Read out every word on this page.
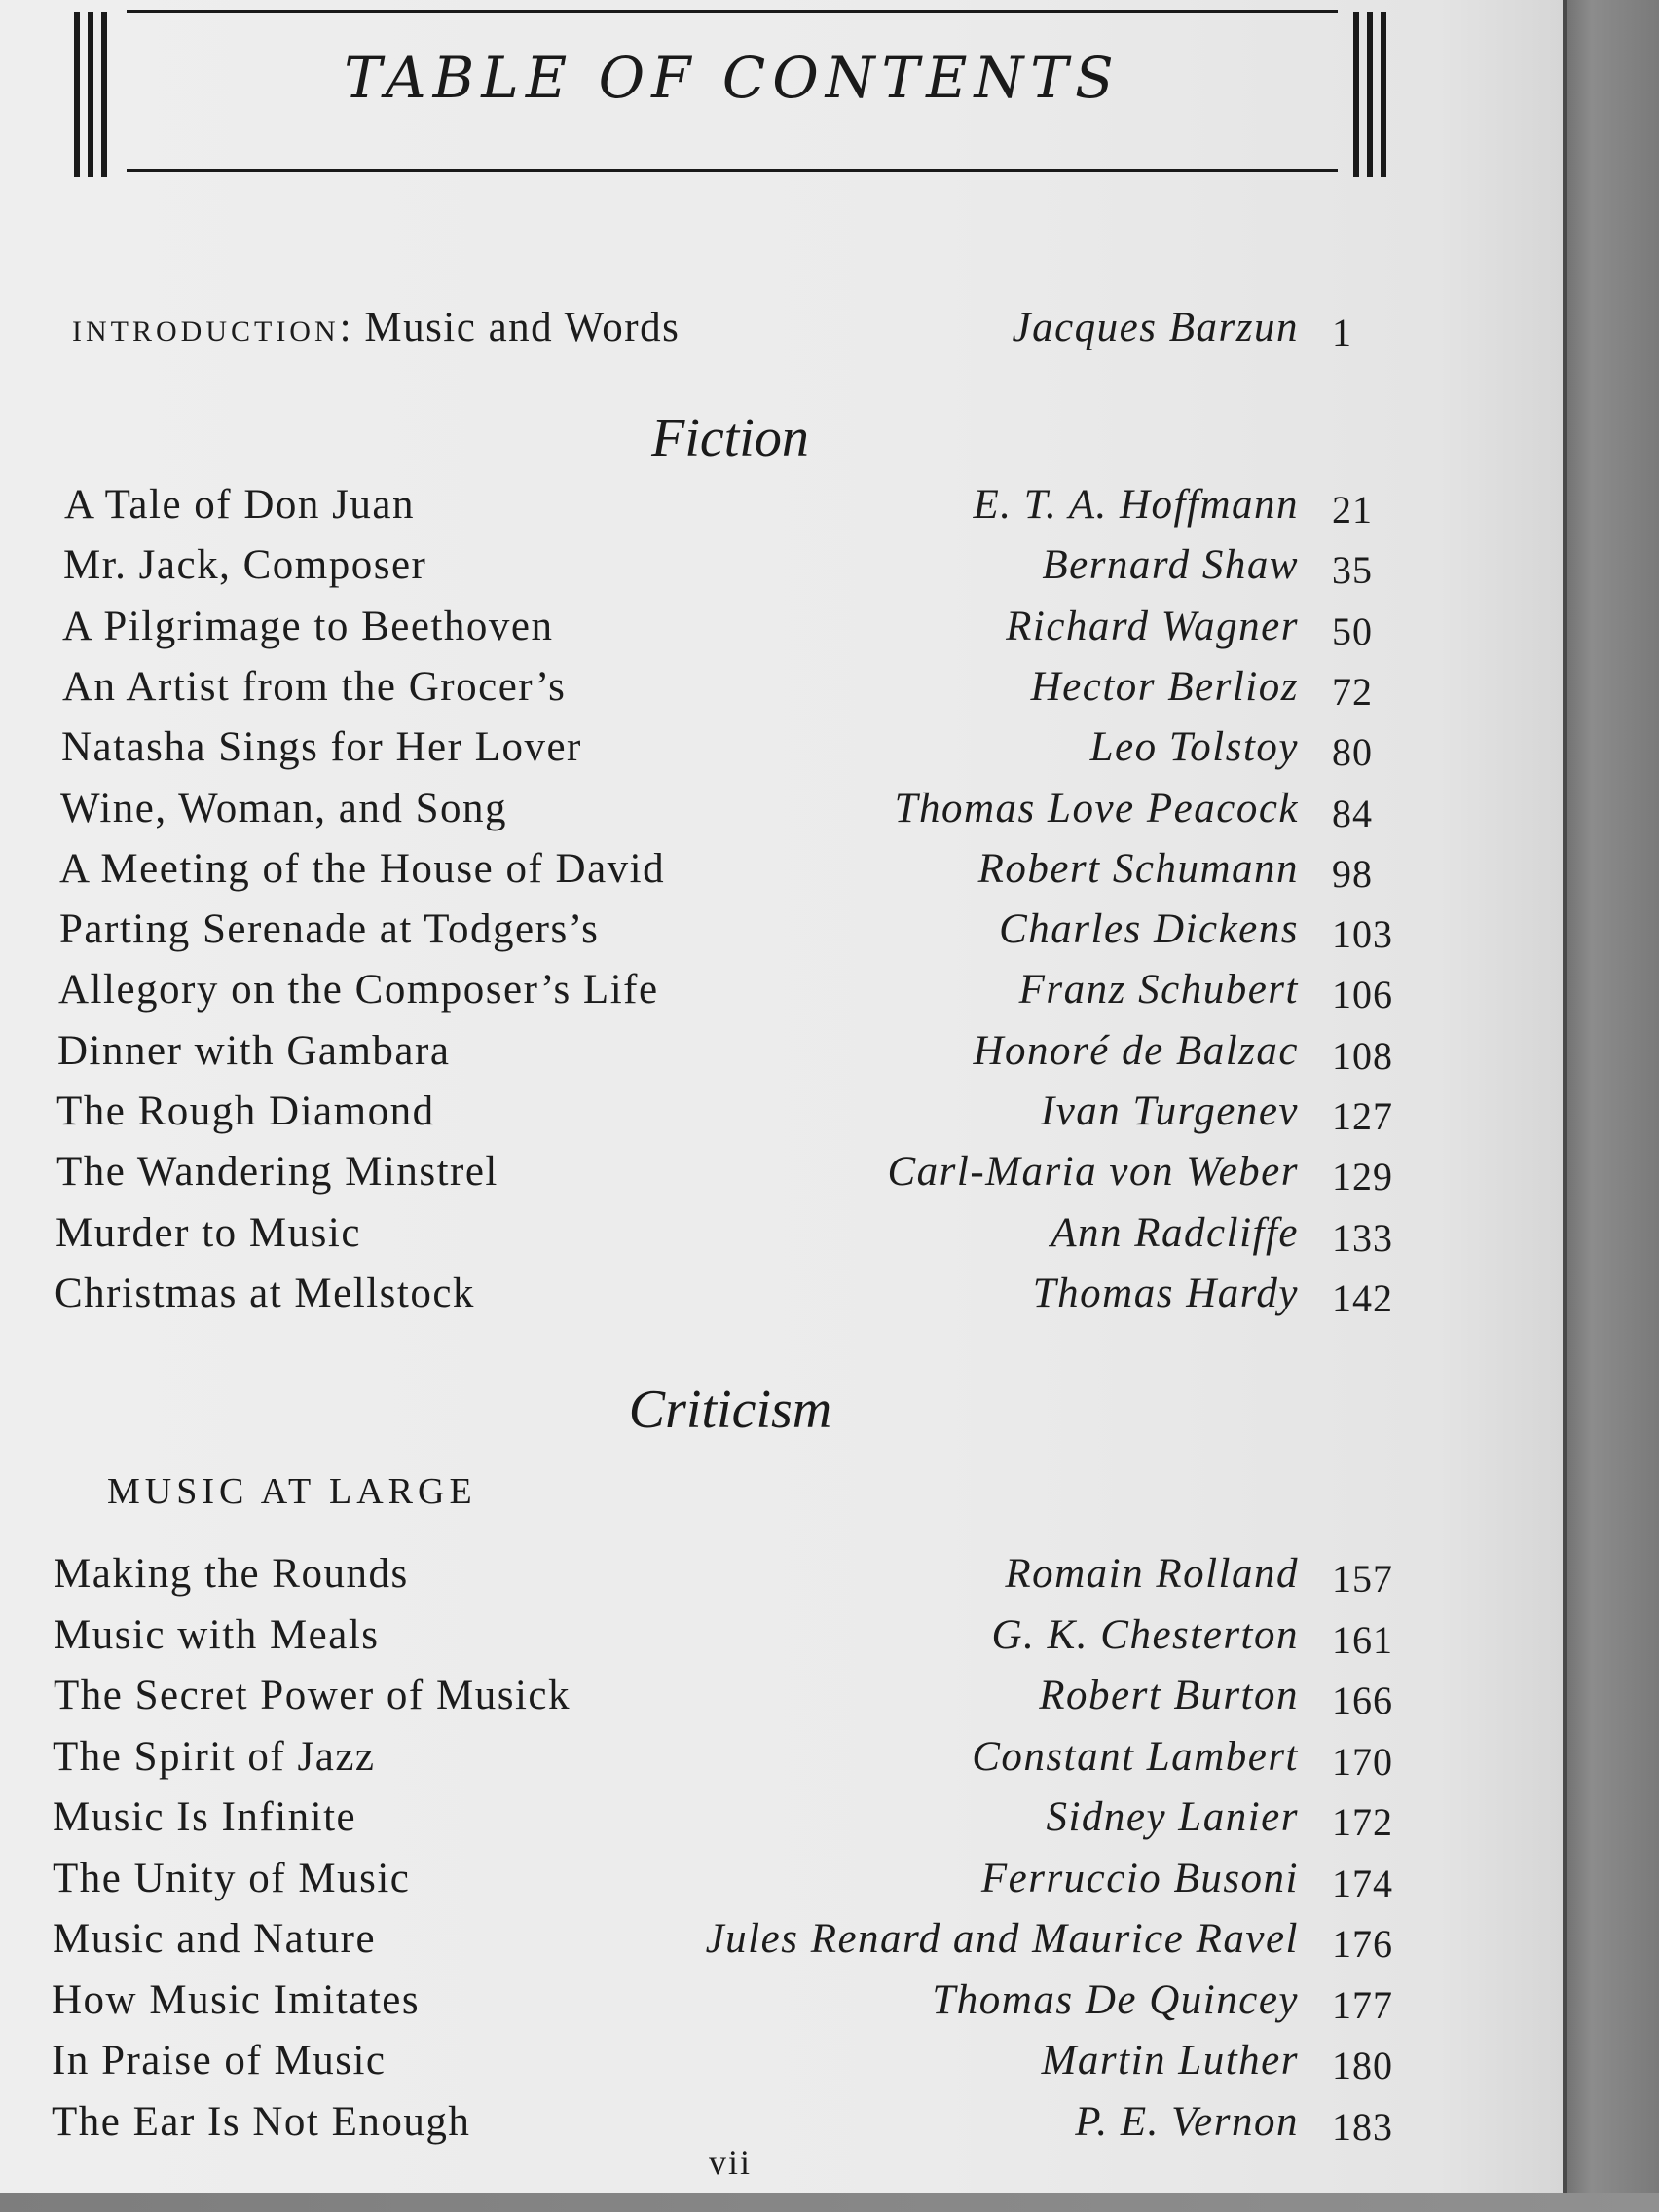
TABLE OF CONTENTS
INTRODUCTION: Music and Words	Jacques Barzun 1
Fiction
A Tale of Don Juan	E. T. A. Hoffmann 21
Mr. Jack, Composer	Bernard Shaw 35
A Pilgrimage to Beethoven	Richard Wagner 50
An Artist from the Grocer’s	Hector Berlioz 72
Natasha Sings for Her Lover	Leo Tolstoy 80
Wine, Woman, and Song	Thomas Love Peacock 84
A Meeting of the House of David	Robert Schumann 98
Parting Serenade at Todgers’s	Charles Dickens 103
Allegory on the Composer’s Life	Franz Schubert 106
Dinner with Gambara	Honoré de Balzac 108
The Rough Diamond	Ivan Turgenev 127
The Wandering Minstrel	Carl-Maria von Weber 129
Murder to Music	Ann Radcliffe 133
Christmas at Mellstock	Thomas Hardy 142
Criticism
MUSIC AT LARGE
Making the Rounds	Romain Rolland 157
Music with Meals	G. K. Chesterton 161
The Secret Power of Musick	Robert Burton 166
The Spirit of Jazz	Constant Lambert 170
Music Is Infinite	Sidney Lanier 172
The Unity of Music	Ferruccio Busoni 174
Music and Nature	Jules Renard and Maurice Ravel 176
How Music Imitates	Thomas De Quincey 177
In Praise of Music	Martin Luther 180
The Ear Is Not Enough	P. E. Vernon 183
vii
